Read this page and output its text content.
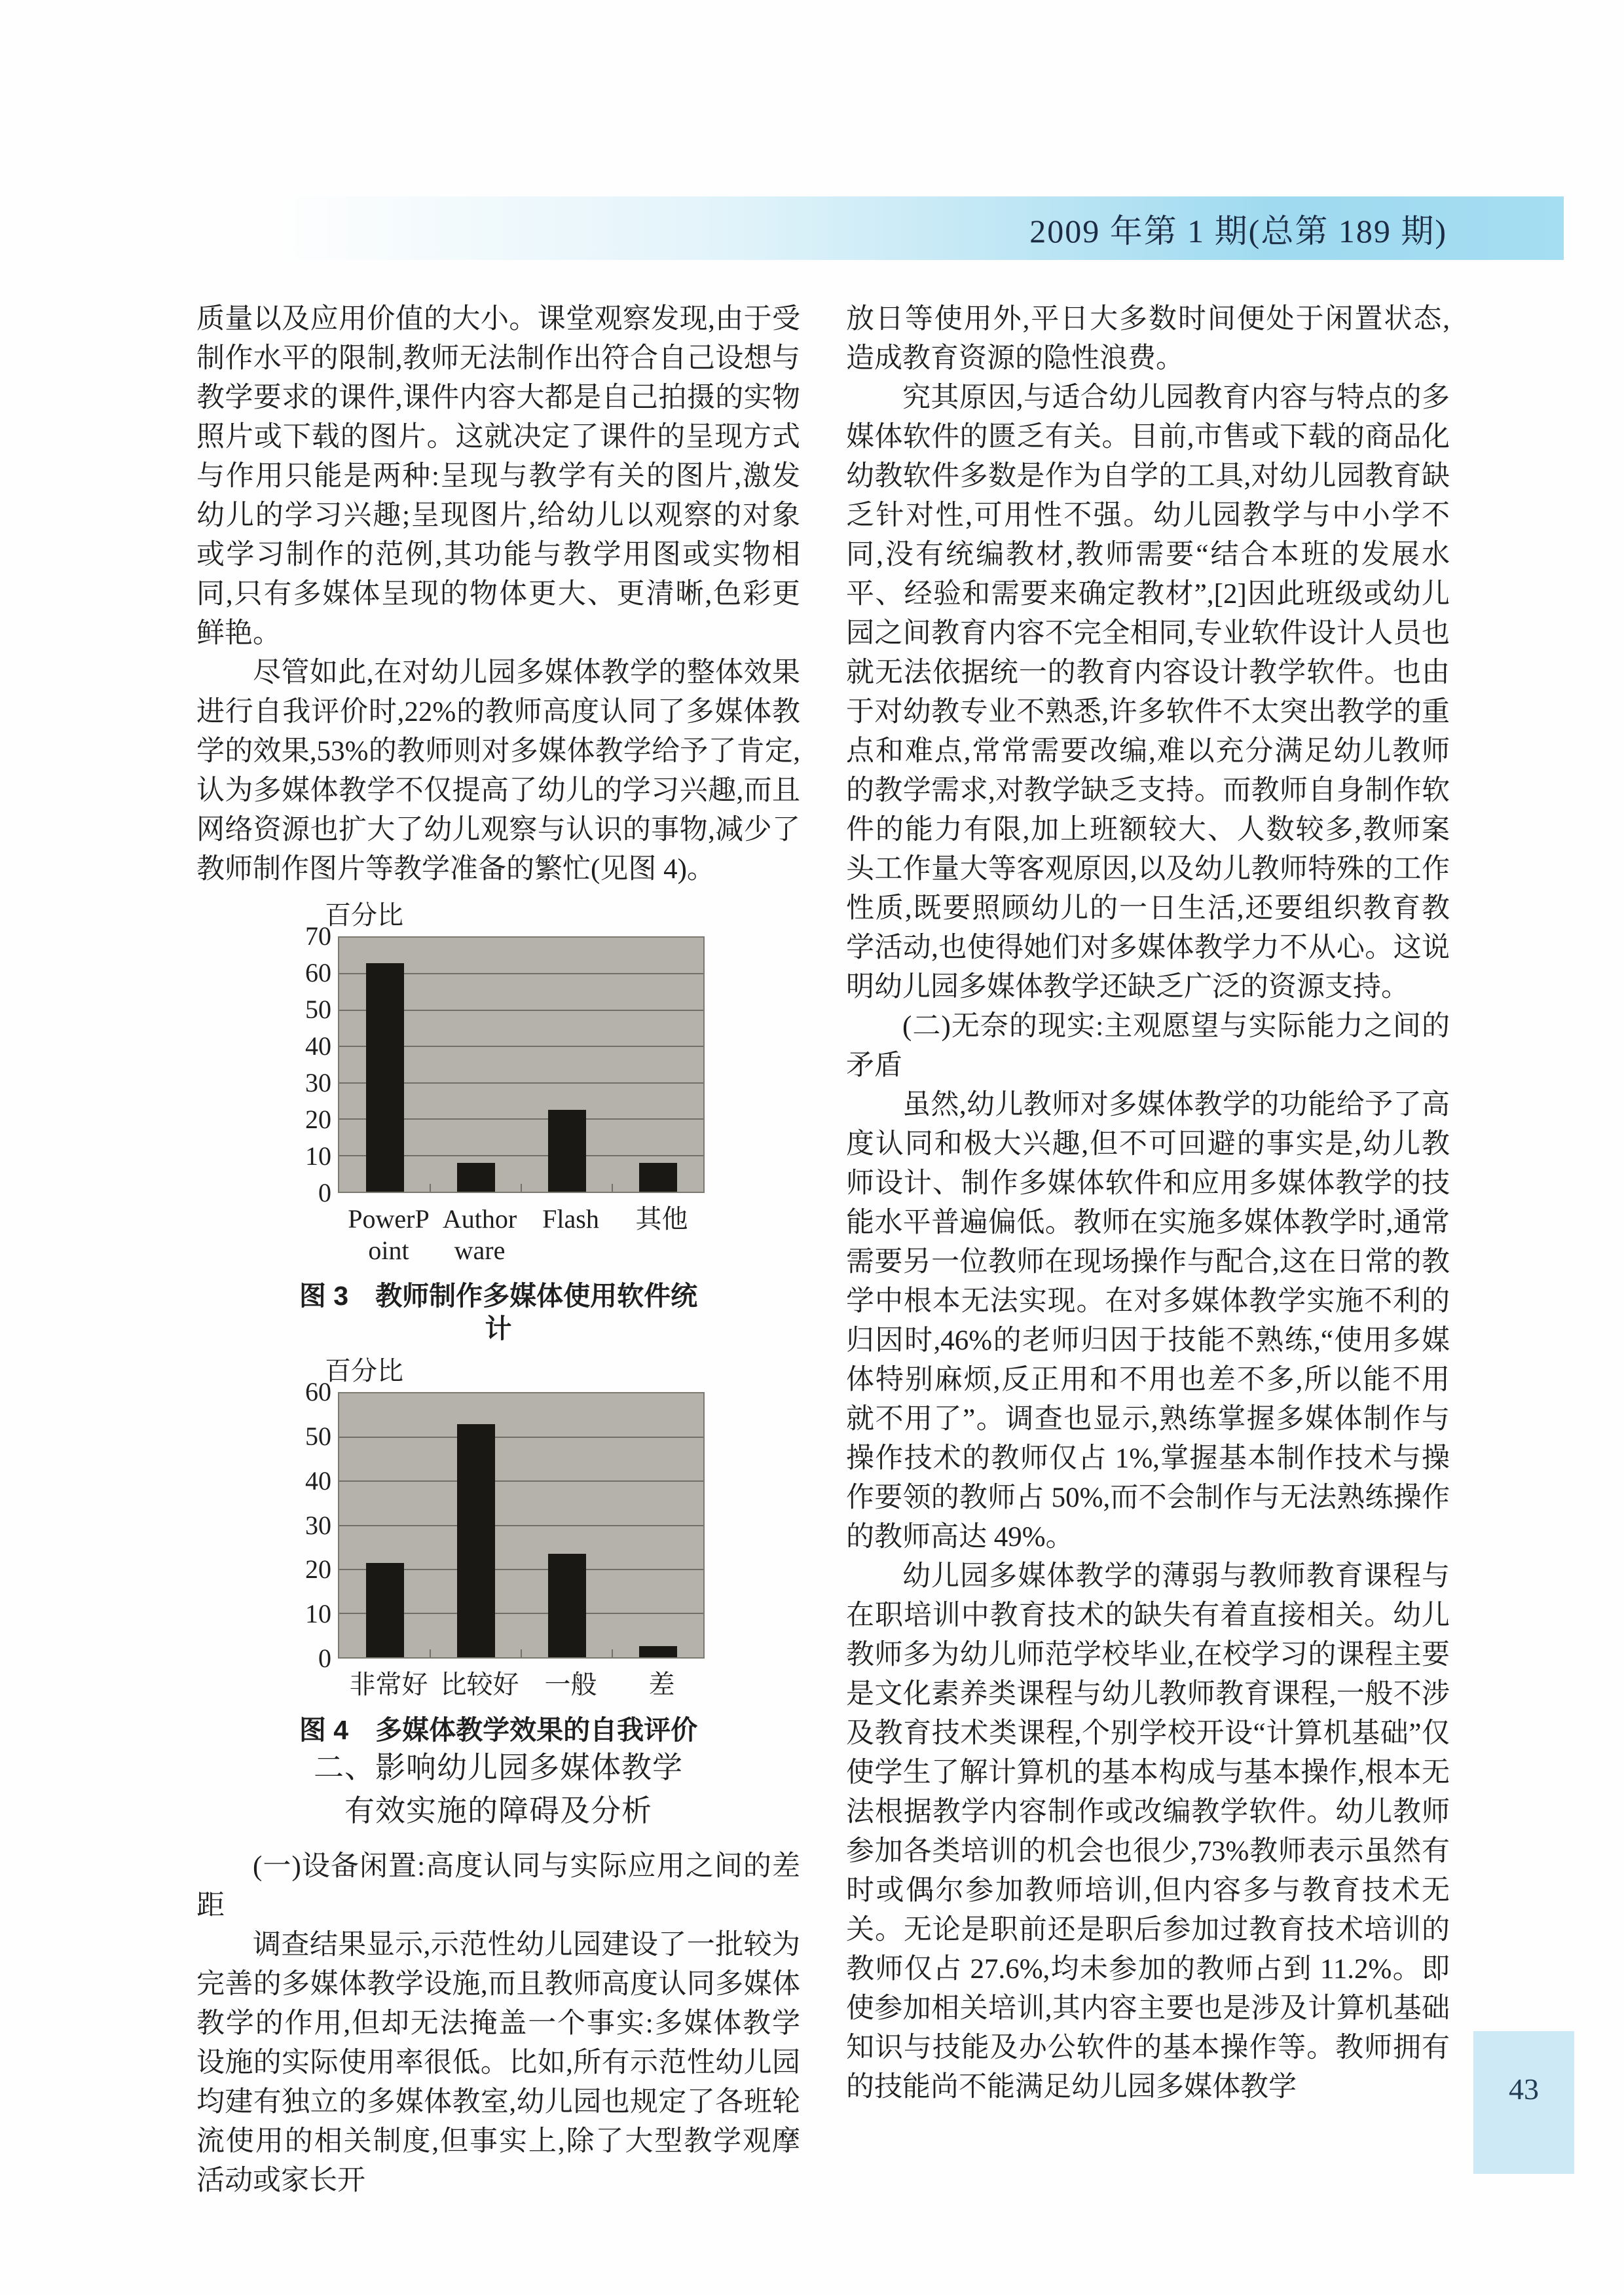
2009 年第 1 期(总第 189 期)

质量以及应用价值的大小。课堂观察发现,由于受制作水平的限制,教师无法制作出符合自己设想与教学要求的课件,课件内容大都是自己拍摄的实物照片或下载的图片。这就决定了课件的呈现方式与作用只能是两种:呈现与教学有关的图片,激发幼儿的学习兴趣;呈现图片,给幼儿以观察的对象或学习制作的范例,其功能与教学用图或实物相同,只有多媒体呈现的物体更大、更清晰,色彩更鲜艳。

尽管如此,在对幼儿园多媒体教学的整体效果进行自我评价时,22%的教师高度认同了多媒体教学的效果,53%的教师则对多媒体教学给予了肯定,认为多媒体教学不仅提高了幼儿的学习兴趣,而且网络资源也扩大了幼儿观察与认识的事物,减少了教师制作图片等教学准备的繁忙(见图 4)。

百分比
0
10
20
30
40
50
60
70
PowerPoint
Authorware
Flash	其他
图 3　教师制作多媒体使用软件统计
百分比
0
10
20
30
40
50
60
非常好 比较好 一般	差
图 4　多媒体教学效果的自我评价

二、影响幼儿园多媒体教学

有效实施的障碍及分析

(一)设备闲置:高度认同与实际应用之间的差距

调查结果显示,示范性幼儿园建设了一批较为完善的多媒体教学设施,而且教师高度认同多媒体教学的作用,但却无法掩盖一个事实:多媒体教学设施的实际使用率很低。比如,所有示范性幼儿园均建有独立的多媒体教室,幼儿园也规定了各班轮流使用的相关制度,但事实上,除了大型教学观摩活动或家长开

放日等使用外,平日大多数时间便处于闲置状态,造成教育资源的隐性浪费。

究其原因,与适合幼儿园教育内容与特点的多媒体软件的匮乏有关。目前,市售或下载的商品化幼教软件多数是作为自学的工具,对幼儿园教育缺乏针对性,可用性不强。幼儿园教学与中小学不同,没有统编教材,教师需要“结合本班的发展水平、经验和需要来确定教材”,[2]因此班级或幼儿园之间教育内容不完全相同,专业软件设计人员也就无法依据统一的教育内容设计教学软件。也由于对幼教专业不熟悉,许多软件不太突出教学的重点和难点,常常需要改编,难以充分满足幼儿教师的教学需求,对教学缺乏支持。而教师自身制作软件的能力有限,加上班额较大、人数较多,教师案头工作量大等客观原因,以及幼儿教师特殊的工作性质,既要照顾幼儿的一日生活,还要组织教育教学活动,也使得她们对多媒体教学力不从心。这说明幼儿园多媒体教学还缺乏广泛的资源支持。

(二)无奈的现实:主观愿望与实际能力之间的矛盾

虽然,幼儿教师对多媒体教学的功能给予了高度认同和极大兴趣,但不可回避的事实是,幼儿教师设计、制作多媒体软件和应用多媒体教学的技能水平普遍偏低。教师在实施多媒体教学时,通常需要另一位教师在现场操作与配合,这在日常的教学中根本无法实现。在对多媒体教学实施不利的归因时,46%的老师归因于技能不熟练,“使用多媒体特别麻烦,反正用和不用也差不多,所以能不用就不用了”。调查也显示,熟练掌握多媒体制作与操作技术的教师仅占 1%,掌握基本制作技术与操作要领的教师占 50%,而不会制作与无法熟练操作的教师高达 49%。

幼儿园多媒体教学的薄弱与教师教育课程与在职培训中教育技术的缺失有着直接相关。幼儿教师多为幼儿师范学校毕业,在校学习的课程主要是文化素养类课程与幼儿教师教育课程,一般不涉及教育技术类课程,个别学校开设“计算机基础”仅使学生了解计算机的基本构成与基本操作,根本无法根据教学内容制作或改编教学软件。幼儿教师参加各类培训的机会也很少,73%教师表示虽然有时或偶尔参加教师培训,但内容多与教育技术无关。无论是职前还是职后参加过教育技术培训的教师仅占 27.6%,均未参加的教师占到 11.2%。即使参加相关培训,其内容主要也是涉及计算机基础知识与技能及办公软件的基本操作等。教师拥有的技能尚不能满足幼儿园多媒体教学	43
